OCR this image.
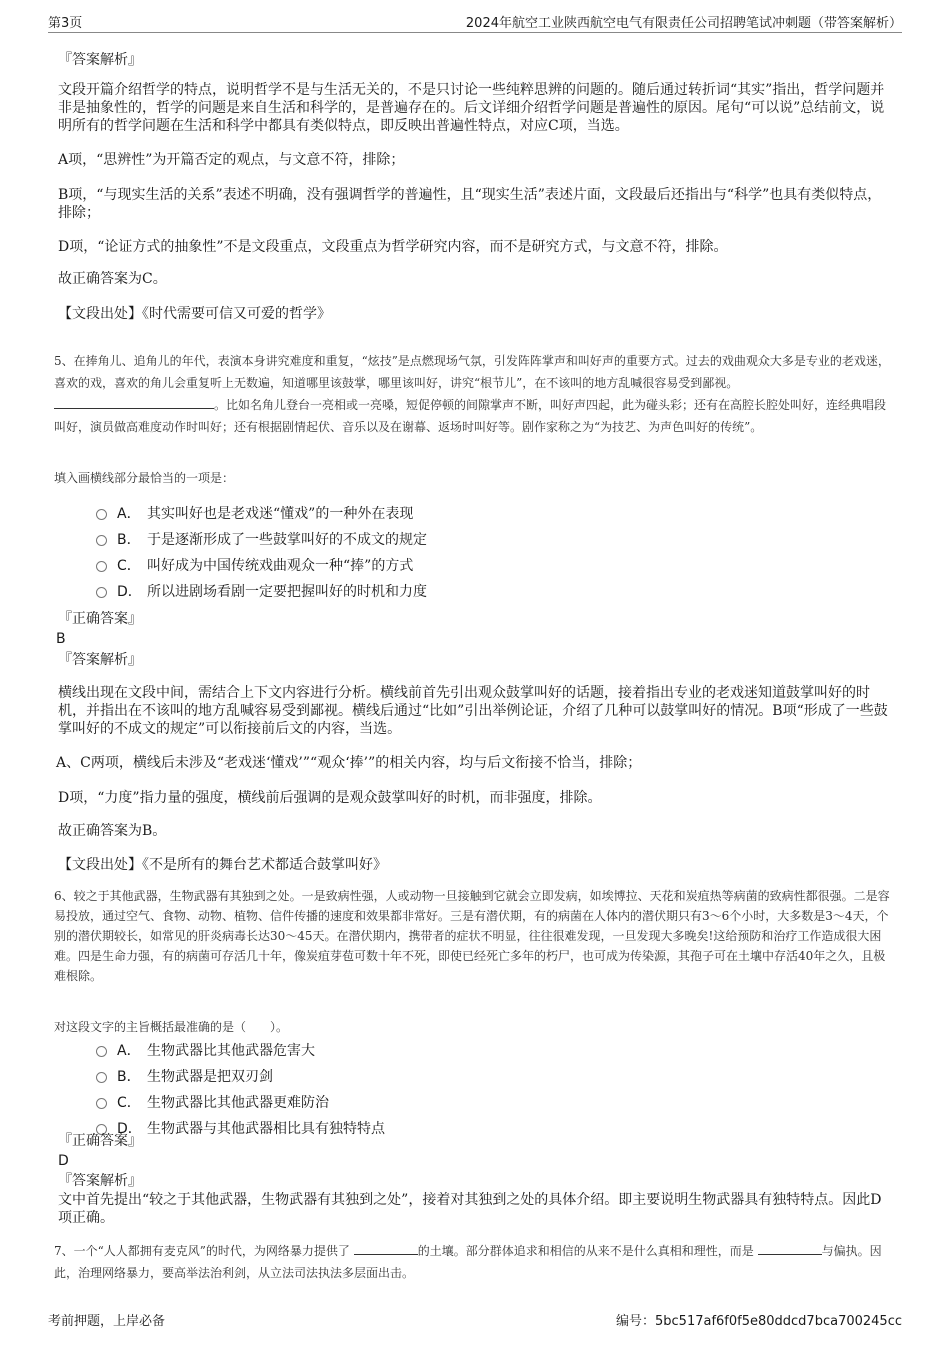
第3页	2024年航空工业陕西航空电气有限责任公司招聘笔试冲刺题（带答案解析）
『答案解析』

文段开篇介绍哲学的特点，说明哲学不是与生活无关的，不是只讨论一些纯粹思辨的问题的。随后通过转折词“其实”指出，哲学问题并非是抽象性的，哲学的问题是来自生活和科学的，是普遍存在的。后文详细介绍哲学问题是普遍性的原因。尾句“可以说”总结前文，说明所有的哲学问题在生活和科学中都具有类似特点，即反映出普遍性特点，对应C项，当选。

A项，“思辨性”为开篇否定的观点，与文意不符，排除；

B项，“与现实生活的关系”表述不明确，没有强调哲学的普遍性，且“现实生活”表述片面，文段最后还指出与“科学”也具有类似特点，排除；

D项，“论证方式的抽象性”不是文段重点，文段重点为哲学研究内容，而不是研究方式，与文意不符，排除。

故正确答案为C。

【文段出处】《时代需要可信又可爱的哲学》

5、在捧角儿、追角儿的年代，表演本身讲究难度和重复，“炫技”是点燃现场气氛，引发阵阵掌声和叫好声的重要方式。过去的戏曲观众大多是专业的老戏迷，喜欢的戏，喜欢的角儿会重复听上无数遍，知道哪里该鼓掌，哪里该叫好，讲究“根节儿”，在不该叫的地方乱喊很容易受到鄙视。 。比如名角儿登台一亮相或一亮嗓，短促停顿的间隙掌声不断，叫好声四起，此为碰头彩；还有在高腔长腔处叫好，连经典唱段叫好，演员做高难度动作时叫好；还有根据剧情起伏、音乐以及在谢幕、返场时叫好等。剧作家称之为“为技艺、为声色叫好的传统”。

填入画横线部分最恰当的一项是：

A． 其实叫好也是老戏迷“懂戏”的一种外在表现
B． 于是逐渐形成了一些鼓掌叫好的不成文的规定
C． 叫好成为中国传统戏曲观众一种“捧”的方式
D． 所以进剧场看剧一定要把握叫好的时机和力度
『正确答案』
B
『答案解析』

横线出现在文段中间，需结合上下文内容进行分析。横线前首先引出观众鼓掌叫好的话题，接着指出专业的老戏迷知道鼓掌叫好的时机，并指出在不该叫的地方乱喊容易受到鄙视。横线后通过“比如”引出举例论证，介绍了几种可以鼓掌叫好的情况。B项“形成了一些鼓掌叫好的不成文的规定”可以衔接前后文的内容，当选。

A、C两项，横线后未涉及“老戏迷‘懂戏’”“观众‘捧’”的相关内容，均与后文衔接不恰当，排除；

D项，“力度”指力量的强度，横线前后强调的是观众鼓掌叫好的时机，而非强度，排除。

故正确答案为B。

【文段出处】《不是所有的舞台艺术都适合鼓掌叫好》

6、较之于其他武器，生物武器有其独到之处。一是致病性强，人或动物一旦接触到它就会立即发病，如埃博拉、天花和炭疽热等病菌的致病性都很强。二是容易投放，通过空气、食物、动物、植物、信件传播的速度和效果都非常好。三是有潜伏期，有的病菌在人体内的潜伏期只有3～6个小时，大多数是3～4天，个别的潜伏期较长，如常见的肝炎病毒长达30～45天。在潜伏期内，携带者的症状不明显，往往很难发现，一旦发现大多晚矣!这给预防和治疗工作造成很大困难。四是生命力强，有的病菌可存活几十年，像炭疽芽苞可数十年不死，即使已经死亡多年的朽尸，也可成为传染源，其孢子可在土壤中存活40年之久，且极难根除。

对这段文字的主旨概括最准确的是（　　）。

A． 生物武器比其他武器危害大
B． 生物武器是把双刃剑
C． 生物武器比其他武器更难防治
D． 生物武器与其他武器相比具有独特特点
『正确答案』
D
『答案解析』

文中首先提出“较之于其他武器，生物武器有其独到之处”，接着对其独到之处的具体介绍。即主要说明生物武器具有独特特点。因此D项正确。

7、一个“人人都拥有麦克风”的时代，为网络暴力提供了	的土壤。部分群体追求和相信的从来不是什么真相和理性，而是	与偏执。因此，治理网络暴力，要高举法治利剑，从立法司法执法多层面出击。

考前押题，上岸必备	编号：5bc517af6f0f5e80ddcd7bca700245cc
